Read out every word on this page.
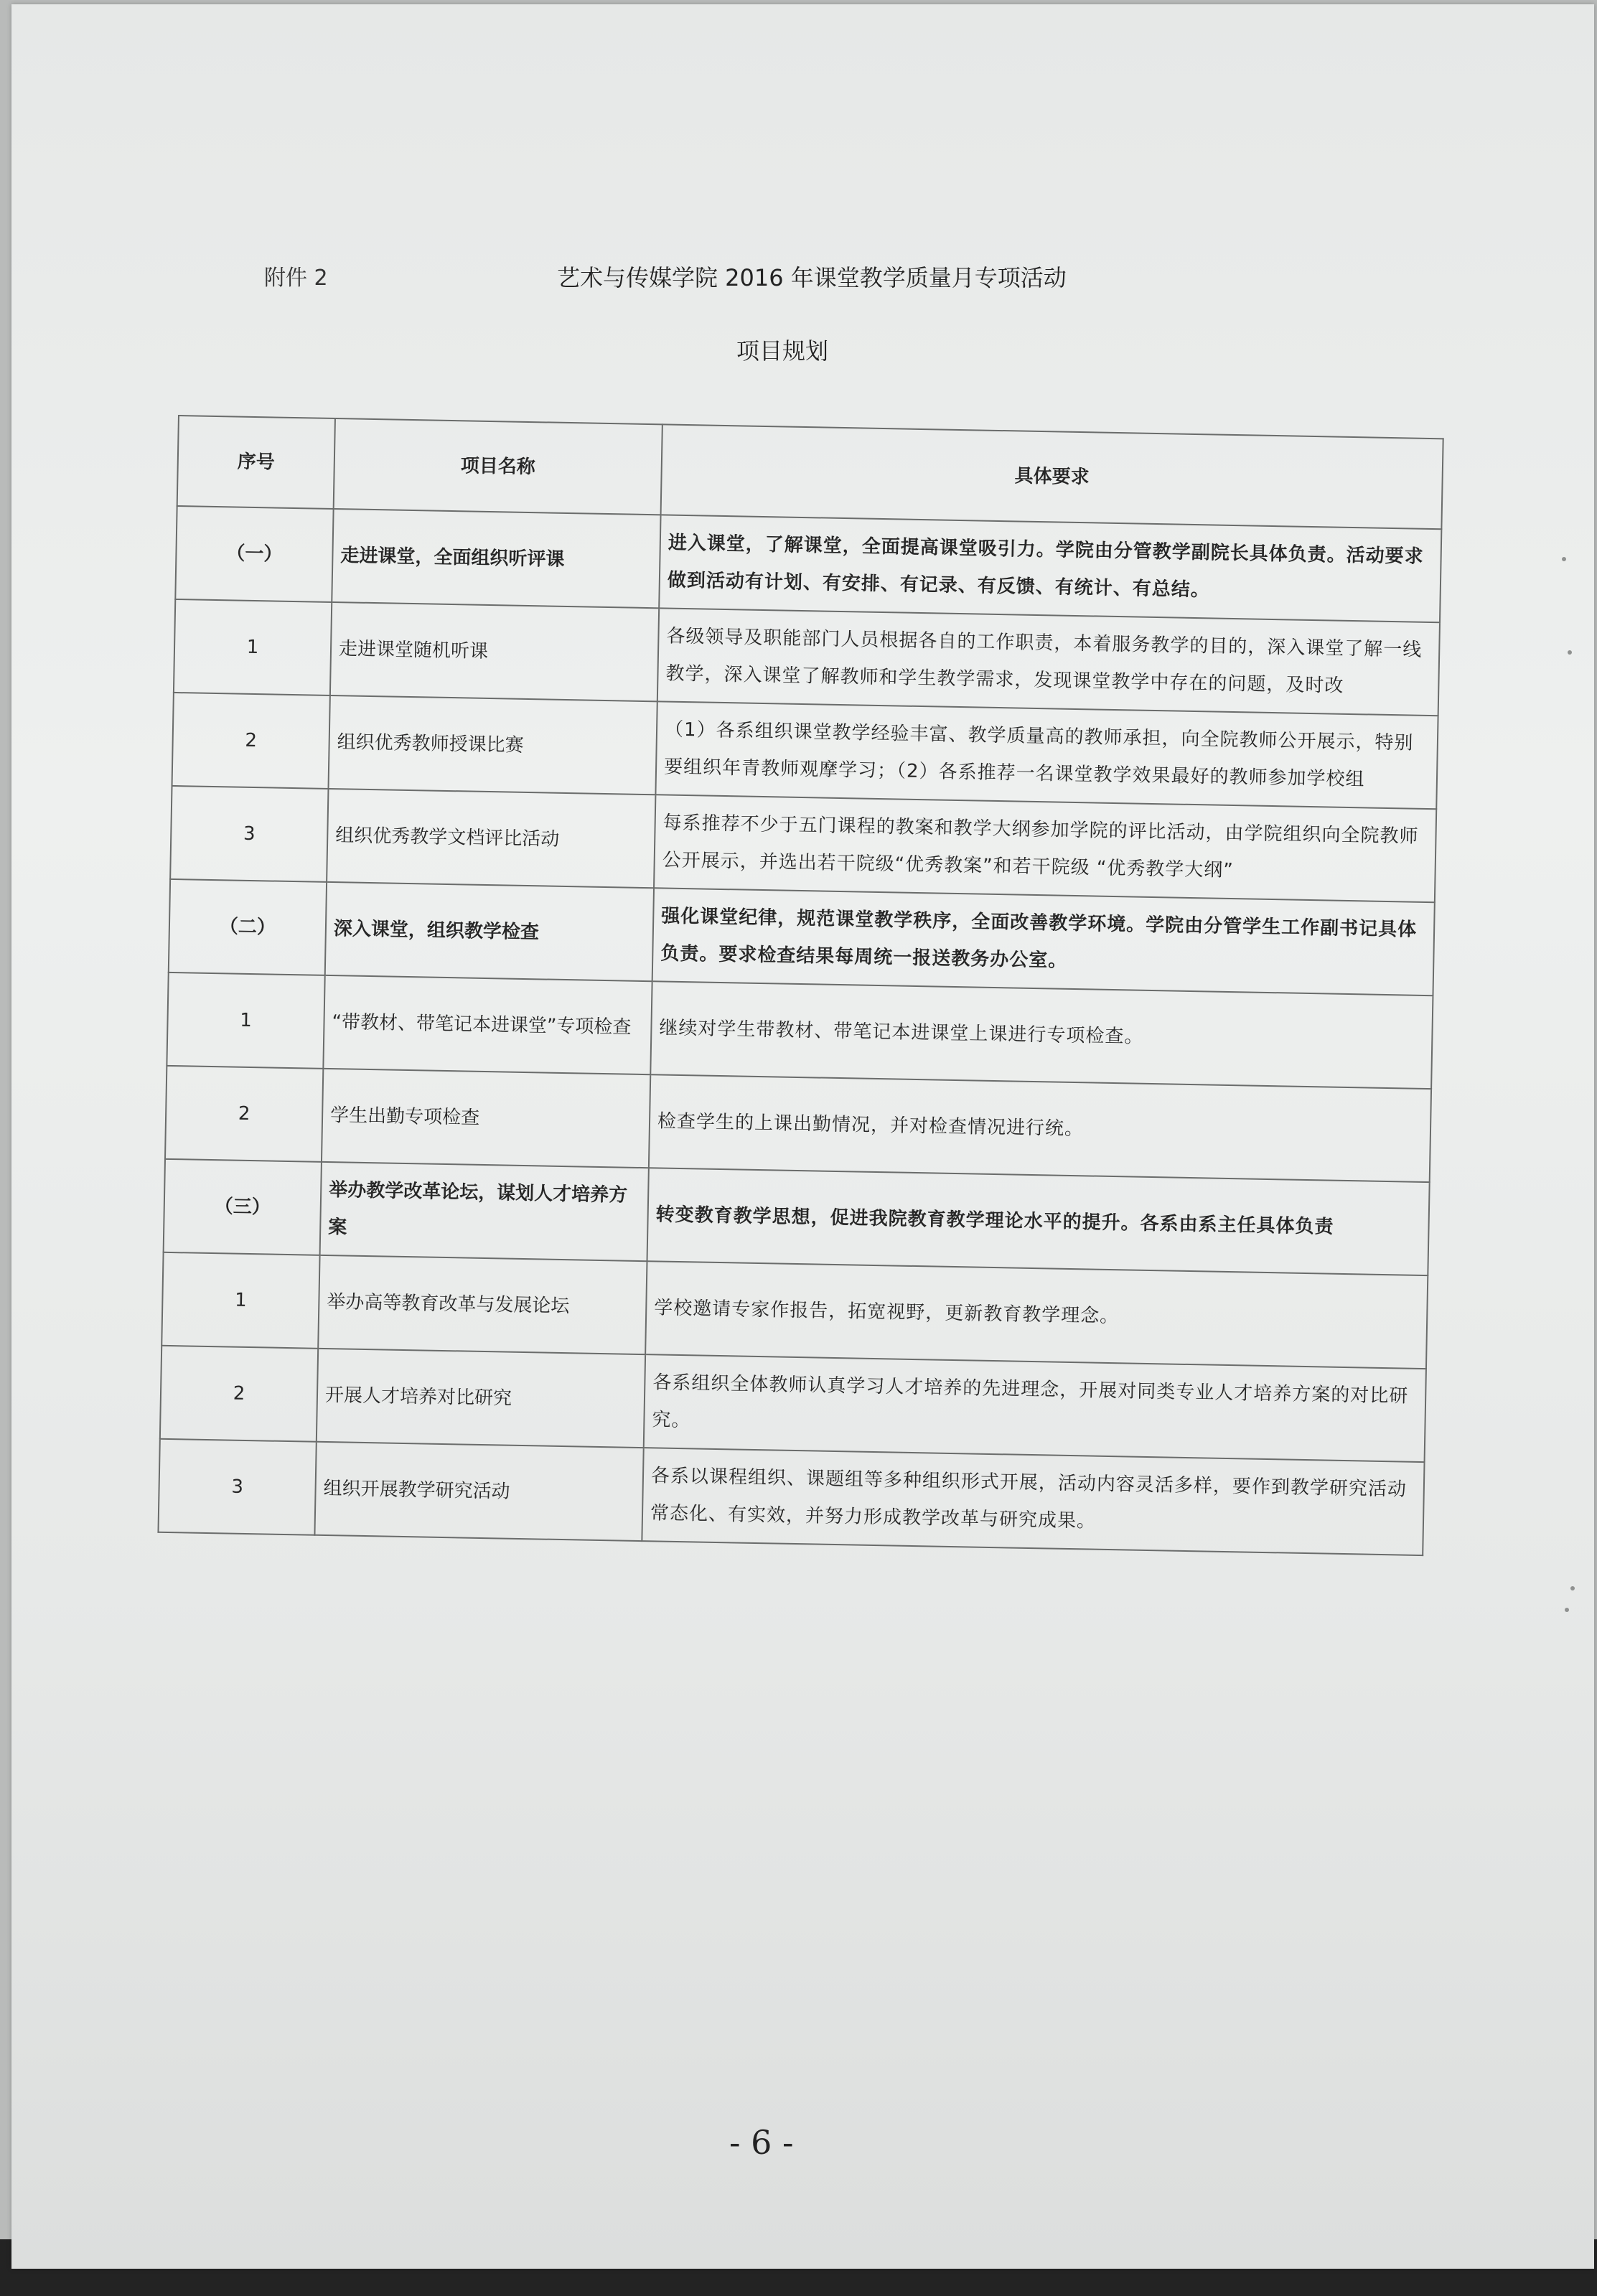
附件 2	艺术与传媒学院 2016 年课堂教学质量月专项活动
项目规划
序号	项目名称	具体要求
（一）	走进课堂，全面组织听评课	进入课堂，了解课堂，全面提高课堂吸引力。学院由分管教学副院长具体负责。活动要求做到活动有计划、有安排、有记录、有反馈、有统计、有总结。

1	走进课堂随机听课	各级领导及职能部门人员根据各自的工作职责，本着服务教学的目的，深入课堂了解一线教学，深入课堂了解教师和学生教学需求，发现课堂教学中存在的问题，及时改

2	组织优秀教师授课比赛	（1）各系组织课堂教学经验丰富、教学质量高的教师承担，向全院教师公开展示，特别要组织年青教师观摩学习；（2）各系推荐一名课堂教学效果最好的教师参加学校组

3	组织优秀教学文档评比活动	每系推荐不少于五门课程的教案和教学大纲参加学院的评比活动，由学院组织向全院教师公开展示，并选出若干院级“优秀教案”和若干院级 “优秀教学大纲”

（二）	深入课堂，组织教学检查	强化课堂纪律，规范课堂教学秩序，全面改善教学环境。学院由分管学生工作副书记具体负责。要求检查结果每周统一报送教务办公室。

1	“带教材、带笔记本进课堂”专项检查	继续对学生带教材、带笔记本进课堂上课进行专项检查。

2	学生出勤专项检查	检查学生的上课出勤情况，并对检查情况进行统。

（三）	举办教学改革论坛，谋划人才培养方案	转变教育教学思想，促进我院教育教学理论水平的提升。各系由系主任具体负责

1	举办高等教育改革与发展论坛	学校邀请专家作报告，拓宽视野，更新教育教学理念。

2	开展人才培养对比研究	各系组织全体教师认真学习人才培养的先进理念，开展对同类专业人才培养方案的对比研究。

3	组织开展教学研究活动	各系以课程组织、课题组等多种组织形式开展，活动内容灵活多样，要作到教学研究活动常态化、有实效，并努力形成教学改革与研究成果。
- 6 -
